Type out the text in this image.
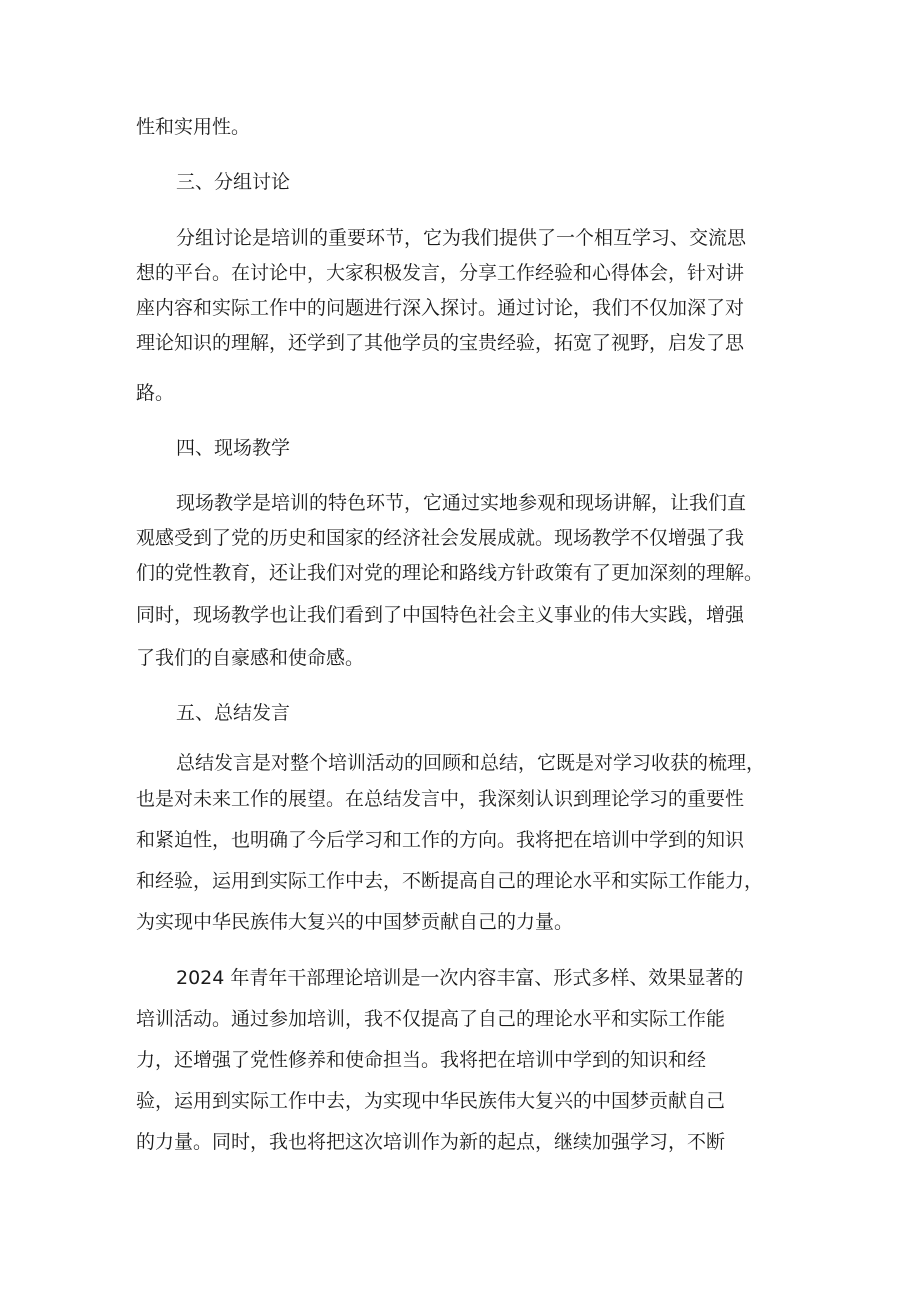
性和实用性。

三、分组讨论

分组讨论是培训的重要环节，它为我们提供了一个相互学习、交流思

想的平台。在讨论中，大家积极发言，分享工作经验和心得体会，针对讲

座内容和实际工作中的问题进行深入探讨。通过讨论，我们不仅加深了对

理论知识的理解，还学到了其他学员的宝贵经验，拓宽了视野，启发了思

路。

四、现场教学

现场教学是培训的特色环节，它通过实地参观和现场讲解，让我们直

观感受到了党的历史和国家的经济社会发展成就。现场教学不仅增强了我

们的党性教育，还让我们对党的理论和路线方针政策有了更加深刻的理解。

同时，现场教学也让我们看到了中国特色社会主义事业的伟大实践，增强

了我们的自豪感和使命感。

五、总结发言

总结发言是对整个培训活动的回顾和总结，它既是对学习收获的梳理，

也是对未来工作的展望。在总结发言中，我深刻认识到理论学习的重要性

和紧迫性，也明确了今后学习和工作的方向。我将把在培训中学到的知识

和经验，运用到实际工作中去，不断提高自己的理论水平和实际工作能力，

为实现中华民族伟大复兴的中国梦贡献自己的力量。

2024 年青年干部理论培训是一次内容丰富、形式多样、效果显著的

培训活动。通过参加培训，我不仅提高了自己的理论水平和实际工作能

力，还增强了党性修养和使命担当。我将把在培训中学到的知识和经

验，运用到实际工作中去，为实现中华民族伟大复兴的中国梦贡献自己

的力量。同时，我也将把这次培训作为新的起点，继续加强学习，不断
